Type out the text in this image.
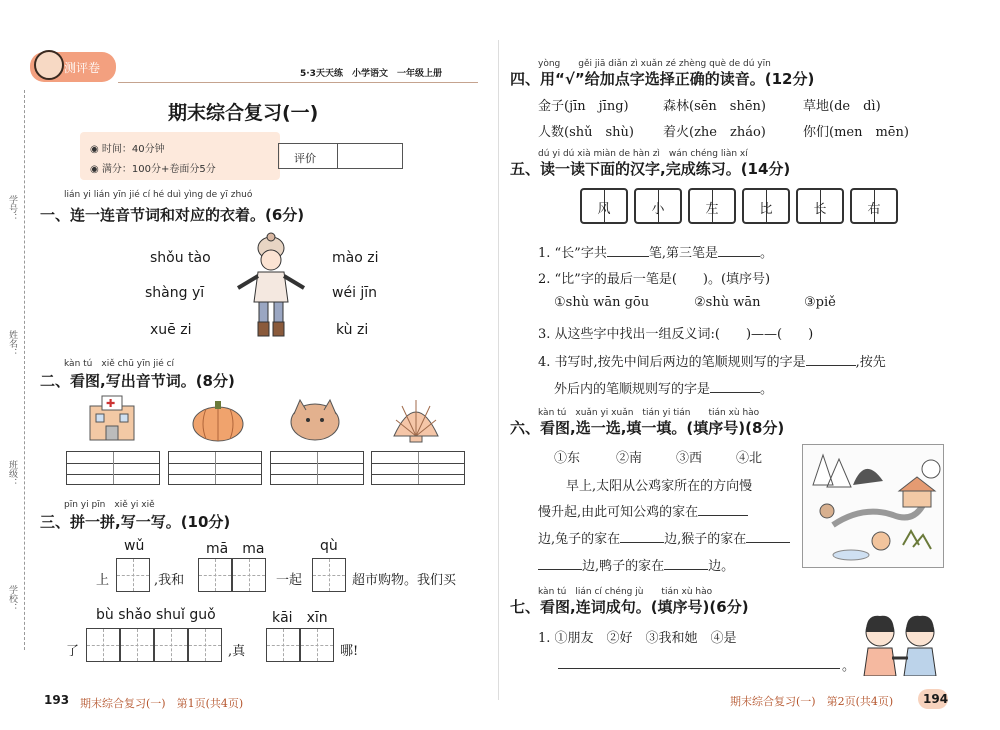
学号：
姓名：
班级：
学校：
测评卷	5·3天天练　小学语文　一年级上册
期末综合复习(一)
◉ 时间：40分钟
◉ 满分：100分+卷面分5分
评价
lián yi lián yīn jié cí hé duì yìng de yī zhuó
一、连一连音节词和对应的衣着。(6分)
shǒu tào
shàng yī
xuē zi
mào zi
wéi jīn
kù zi
kàn tú　xiě chū yīn jié cí
二、看图,写出音节词。(8分)
✚
pīn yi pīn　xiě yi xiě
三、拼一拼,写一写。(10分)
wǔ	mā　ma	qù
上	,我和	一起	超市购物。我们买
bù shǎo shuǐ guǒ	kāi　xīn
了	,真	哪!
193 期末综合复习(一)　第1页(共4页)
yòng　　gěi jiā diǎn zì xuǎn zé zhèng què de dú yīn
四、用“√”给加点字选择正确的读音。(12分)
金子(jīn　jīng)	森林(sēn　shēn)	草地(de　dì)
人数(shǔ　shù) 着火(zhe　zháo)	你们(men　mēn)
dú yi dú xià miàn de hàn zì　wán chéng liàn xí
五、读一读下面的汉字,完成练习。(14分)
风	小	左	比	长	右
1. “长”字共	笔,第三笔是	。
2. “比”字的最后一笔是(　　)。(填序号)
①shù wān gōu	②shù wān	③piě
3. 从这些字中找出一组反义词:(　　)——(　　)
4. 书写时,按先中间后两边的笔顺规则写的字是	,按先
外后内的笔顺规则写的字是	。
kàn tú　xuǎn yi xuǎn　tián yi tián　　tián xù hào
六、看图,选一选,填一填。(填序号)(8分)
①东	②南	③西	④北
早上,太阳从公鸡家所在的方向慢
慢升起,由此可知公鸡的家在
边,兔子的家在	边,猴子的家在
边,鸭子的家在	边。
kàn tú　lián cí chéng jù　　tián xù hào
七、看图,连词成句。(填序号)(6分)
1. ①朋友　②好　③我和她　④是
。
期末综合复习(一)　第2页(共4页) 194
